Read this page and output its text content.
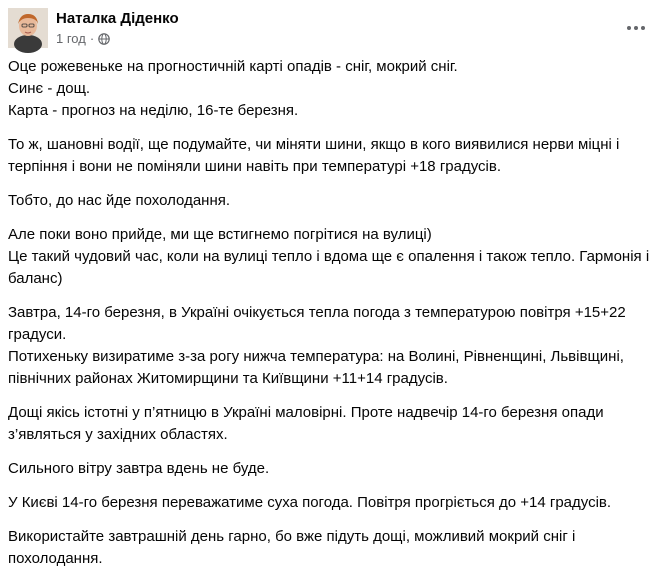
Наталка Діденко
1 год ·
Оце рожевеньке на прогностичній карті опадів - сніг, мокрий сніг.
Синє - дощ.
Карта - прогноз на неділю, 16-те березня.
То ж, шановні водії, ще подумайте, чи міняти шини, якщо в кого виявилися нерви міцні і
терпіння і вони не поміняли шини навіть при температурі +18 градусів.
Тобто, до нас йде похолодання.
Але поки воно прийде, ми ще встигнемо погрітися на вулиці)
Це такий чудовий час, коли на вулиці тепло і вдома ще є опалення і також тепло. Гармонія і
баланс)
Завтра, 14-го березня, в Україні очікується тепла погода з температурою повітря +15+22
градуси.
Потихеньку визиратиме з-за рогу нижча температура: на Волині, Рівненщині, Львівщині,
північних районах Житомирщини та Київщини +11+14 градусів.
Дощі якісь істотні у п’ятницю в Україні маловірні. Проте надвечір 14-го березня опади
з’являться у західних областях.
Сильного вітру завтра вдень не буде.
У Києві 14-го березня переважатиме суха погода. Повітря прогріється до +14 градусів.
Використайте завтрашній день гарно, бо вже підуть дощі, можливий мокрий сніг і
похолодання.
